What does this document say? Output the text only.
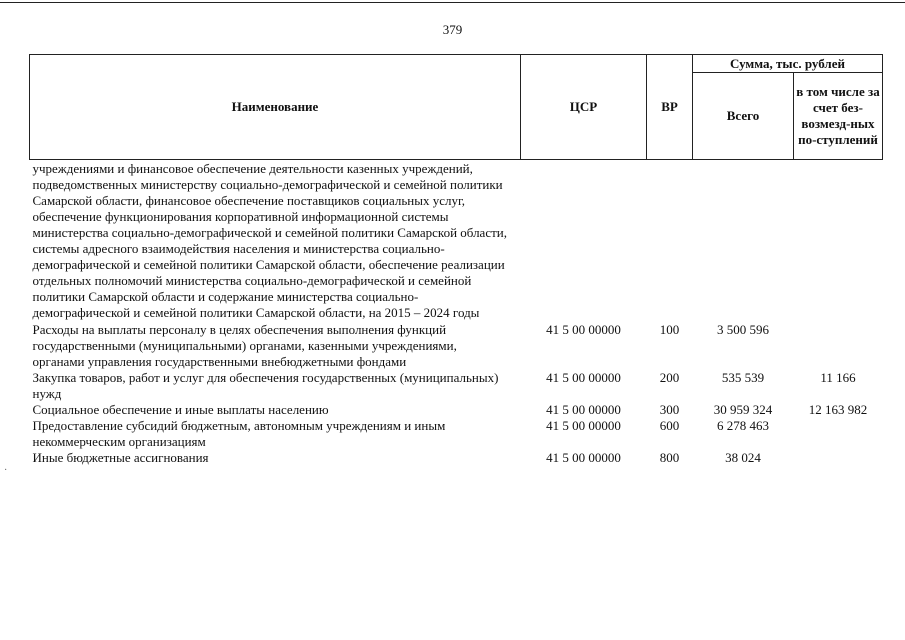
379
Наименование	ЦСР	ВР	Сумма, тыс. рублей	
			Всего	в том числе за счет без-возмезд-ных по-ступлений
учреждениями и финансовое обеспечение деятельности казенных учреждений, подведомственных министерству социально-демографической и семейной политики Самарской области, финансовое обеспечение поставщиков социальных услуг, обеспечение функционирования корпоративной информационной системы министерства социально-демографической и семейной политики Самарской области, системы адресного взаимодействия населения и министерства социально-демографической и семейной политики Самарской области, обеспечение реализации отдельных полномочий министерства социально-демографической и семейной политики Самарской области и содержание министерства социально-демографической и семейной политики Самарской области, на 2015 – 2024 годы				
Расходы на выплаты персоналу в целях обеспечения выполнения функций государственными (муниципальными) органами, казенными учреждениями, органами управления государственными внебюджетными фондами	41 5 00 00000	100	3 500 596	
Закупка товаров, работ и услуг для обеспечения государственных (муниципальных) нужд	41 5 00 00000	200	535 539	11 166
Социальное обеспечение и иные выплаты населению	41 5 00 00000	300	30 959 324	12 163 982
Предоставление субсидий бюджетным, автономным учреждениям и иным некоммерческим организациям	41 5 00 00000	600	6 278 463	
Иные бюджетные ассигнования	41 5 00 00000	800	38 024	
·
